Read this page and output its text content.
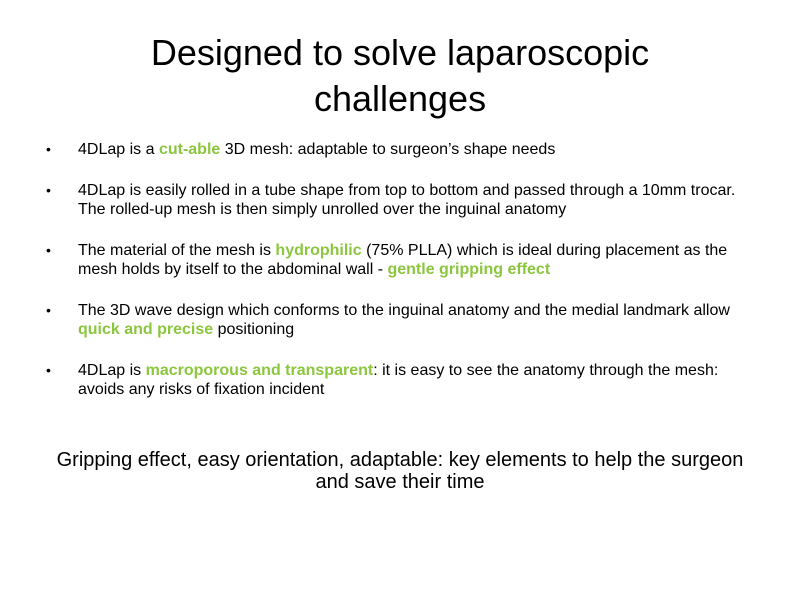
Designed to solve laparoscopic challenges
• 4DLap is a cut-able 3D mesh: adaptable to surgeon’s shape needs
• 4DLap is easily rolled in a tube shape from top to bottom and passed through a 10mm trocar. The rolled-up mesh is then simply unrolled over the inguinal anatomy
• The material of the mesh is hydrophilic (75% PLLA) which is ideal during placement as the mesh holds by itself to the abdominal wall - gentle gripping effect
• The 3D wave design which conforms to the inguinal anatomy and the medial landmark allow quick and precise positioning
• 4DLap is macroporous and transparent: it is easy to see the anatomy through the mesh: avoids any risks of fixation incident

Gripping effect, easy orientation, adaptable: key elements to help the surgeon and save their time
